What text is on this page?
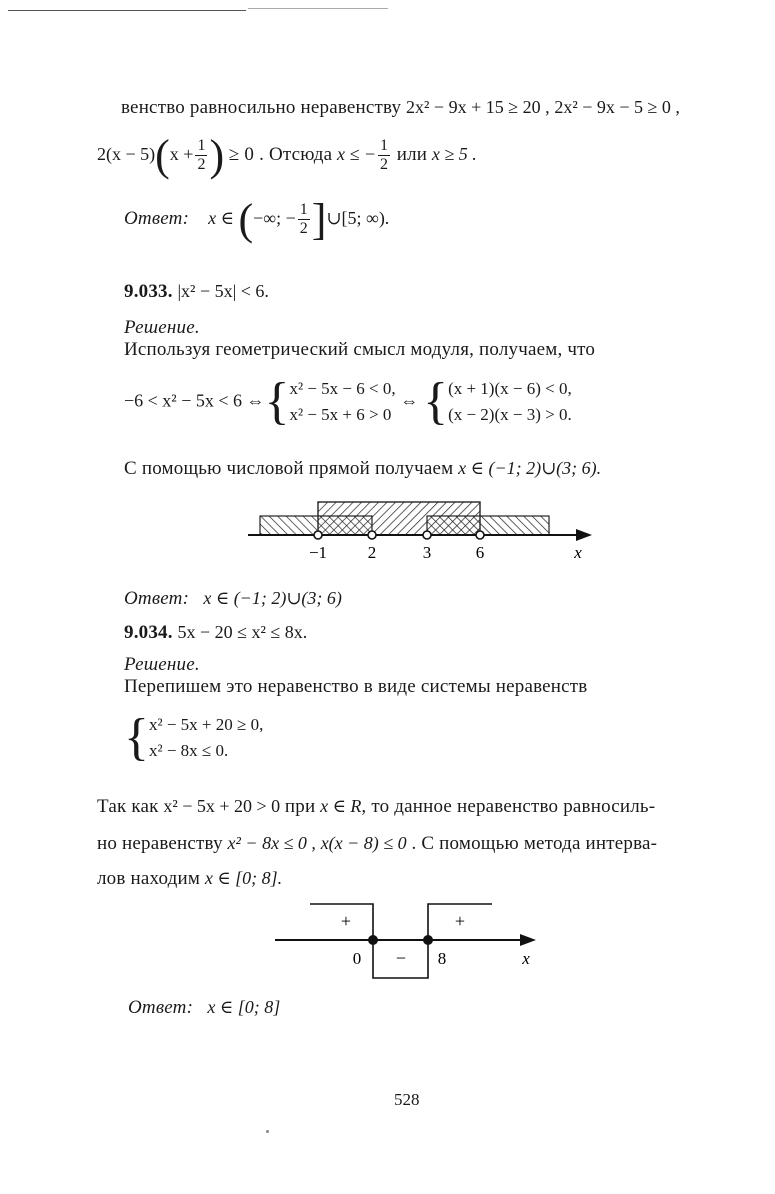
венство равносильно неравенству 2x² − 9x + 15 ≥ 20 , 2x² − 9x − 5 ≥ 0 ,
$2(x - 5)(x + \frac{1}{2}$ ) ≥ 0 . Отсюда x ≤ − $\frac{1}{2}$ или x ≥ 5 .
Ответ: x ∈ (−∞; − $\frac{1}{2}$ ]∪[5; ∞).
9.033. |x² − 5x| < 6.
Решение.
Используя геометрический смысл модуля, получаем, что
−6 < x² − 5x < 6 ⇔{ x² − 5x − 6 < 0,
x² − 5x + 6 > 0
⇔ { (x + 1)(x − 6) < 0,
(x − 2)(x − 3) > 0.
С помощью числовой прямой получаем x ∈ (−1; 2)∪(3; 6).
−1 2	3	6	x
Ответ: x ∈ (−1; 2)∪(3; 6)
9.034. 5x − 20 ≤ x² ≤ 8x.
Решение.
Перепишем это неравенство в виде системы неравенств
{ x² − 5x + 20 ≥ 0,
x² − 8x ≤ 0.
Так как x² − 5x + 20 > 0 при x ∈ R, то данное неравенство равносиль-
но неравенству x² − 8x ≤ 0 , x(x − 8) ≤ 0 . С помощью метода интерва-
лов находим x ∈ [0; 8].
+
−
+
0	8	x
Ответ: x ∈ [0; 8]
528
